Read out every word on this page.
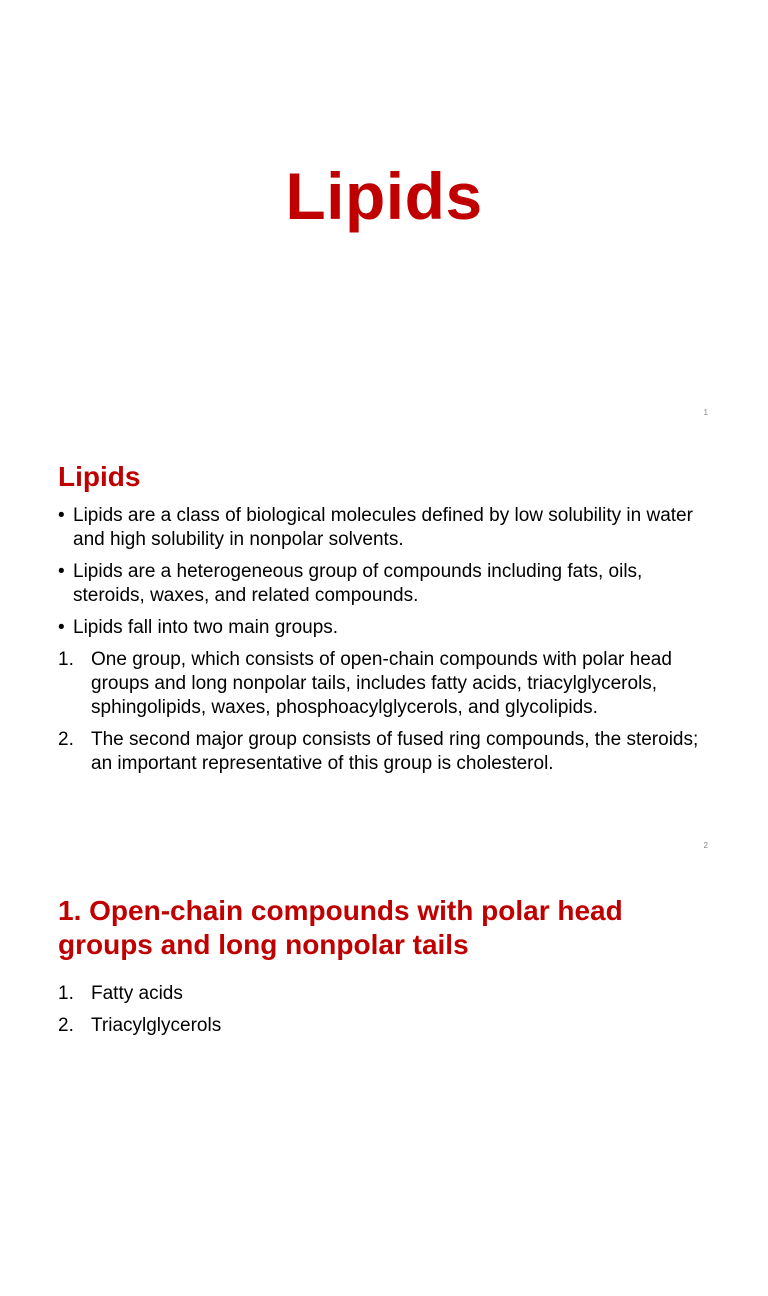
Lipids
1
Lipids
• Lipids are a class of biological molecules defined by low solubility in water and high solubility in nonpolar solvents.
• Lipids are a heterogeneous group of compounds including fats, oils, steroids, waxes, and related compounds.
• Lipids fall into two main groups.
1. One group, which consists of open-chain compounds with polar head groups and long nonpolar tails, includes fatty acids, triacylglycerols, sphingolipids, waxes, phosphoacylglycerols, and glycolipids.
2. The second major group consists of fused ring compounds, the steroids; an important representative of this group is cholesterol.
2
1. Open-chain compounds with polar head groups and long nonpolar tails
1. Fatty acids
2. Triacylglycerols
